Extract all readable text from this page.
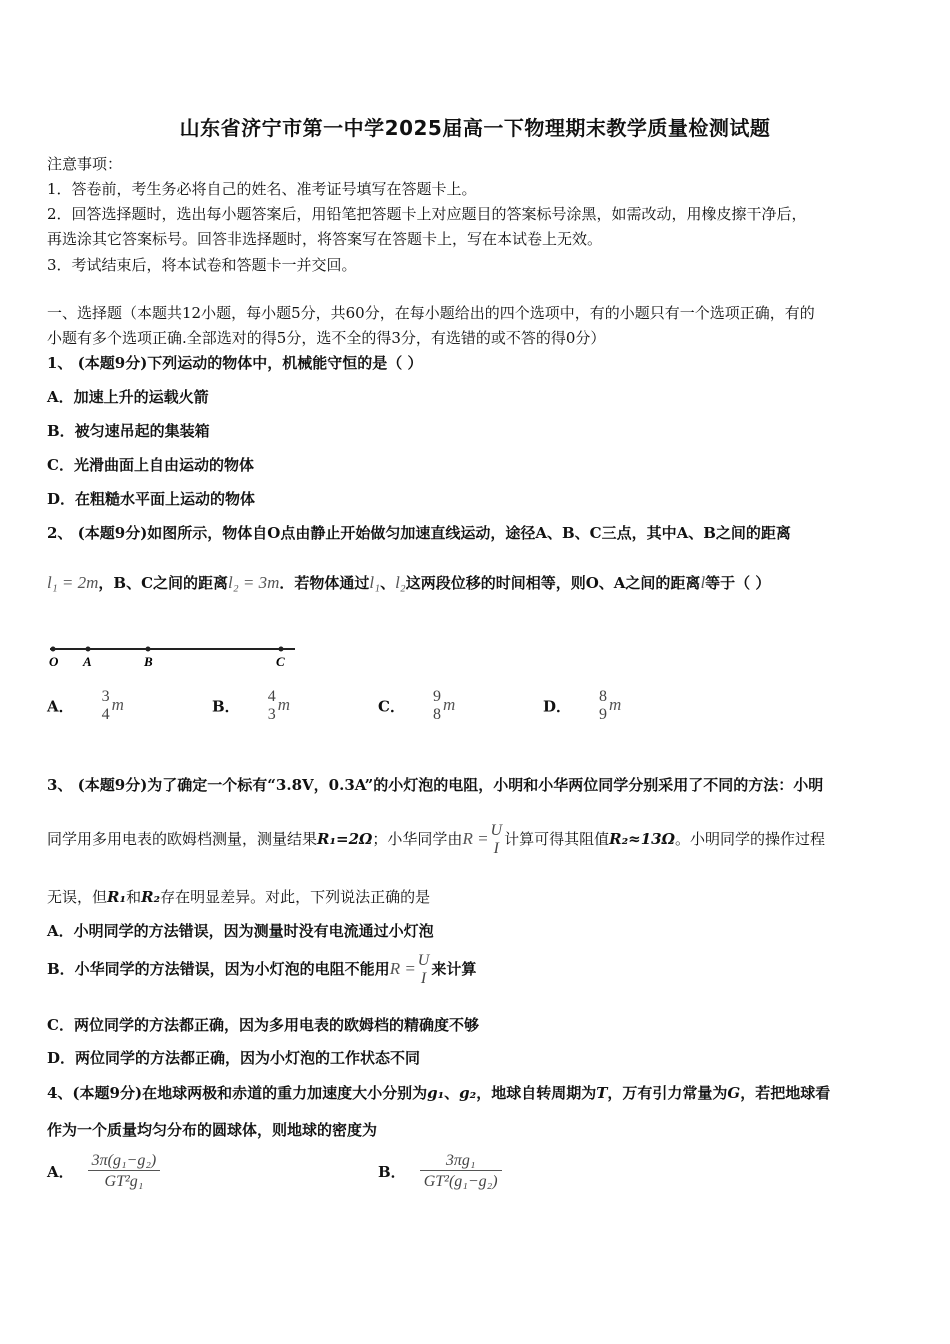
山东省济宁市第一中学2025届高一下物理期末教学质量检测试题
注意事项：
1．答卷前，考生务必将自己的姓名、准考证号填写在答题卡上。
2．回答选择题时，选出每小题答案后，用铅笔把答题卡上对应题目的答案标号涂黑，如需改动，用橡皮擦干净后，
再选涂其它答案标号。回答非选择题时，将答案写在答题卡上，写在本试卷上无效。
3．考试结束后，将本试卷和答题卡一并交回。
一、选择题（本题共12小题，每小题5分，共60分，在每小题给出的四个选项中，有的小题只有一个选项正确，有的
小题有多个选项正确.全部选对的得5分，选不全的得3分，有选错的或不答的得0分）
1、 (本题9分)下列运动的物体中，机械能守恒的是（ ）
A．加速上升的运载火箭
B．被匀速吊起的集装箱
C．光滑曲面上自由运动的物体
D．在粗糙水平面上运动的物体
2、 (本题9分)如图所示，物体自O点由静止开始做匀加速直线运动，途径A、B、C三点，其中A、B之间的距离
l₁ = 2m，B、C之间的距离l₂ = 3m．若物体通过l₁、l₂这两段位移的时间相等，则O、A之间的距离l等于（ ）
O A	B	C
A．
3
4
m	B．
4
3
m	C．
9
8
m	D．
8
9
m
3、 (本题9分)为了确定一个标有“3.8V，0.3A”的小灯泡的电阻，小明和小华两位同学分别采用了不同的方法：小明
同学用多用电表的欧姆档测量，测量结果R₁=2Ω；小华同学由R = U
I
计算可得其阻值R₂≈13Ω。小明同学的操作过程
无误，但R₁和R₂存在明显差异。对此，下列说法正确的是
A．小明同学的方法错误，因为测量时没有电流通过小灯泡
B．小华同学的方法错误，因为小灯泡的电阻不能用R = U
I
来计算
C．两位同学的方法都正确，因为多用电表的欧姆档的精确度不够
D．两位同学的方法都正确，因为小灯泡的工作状态不同
4、(本题9分)在地球两极和赤道的重力加速度大小分别为g₁、g₂，地球自转周期为T，万有引力常量为G，若把地球看
作为一个质量均匀分布的圆球体，则地球的密度为
A． $\frac{\text{3π(g₁−g₂)}}{\text{GT²g₁}}$	B． $\frac{\text{3πg₁}}{\text{GT²(g₁−g₂)}}$
